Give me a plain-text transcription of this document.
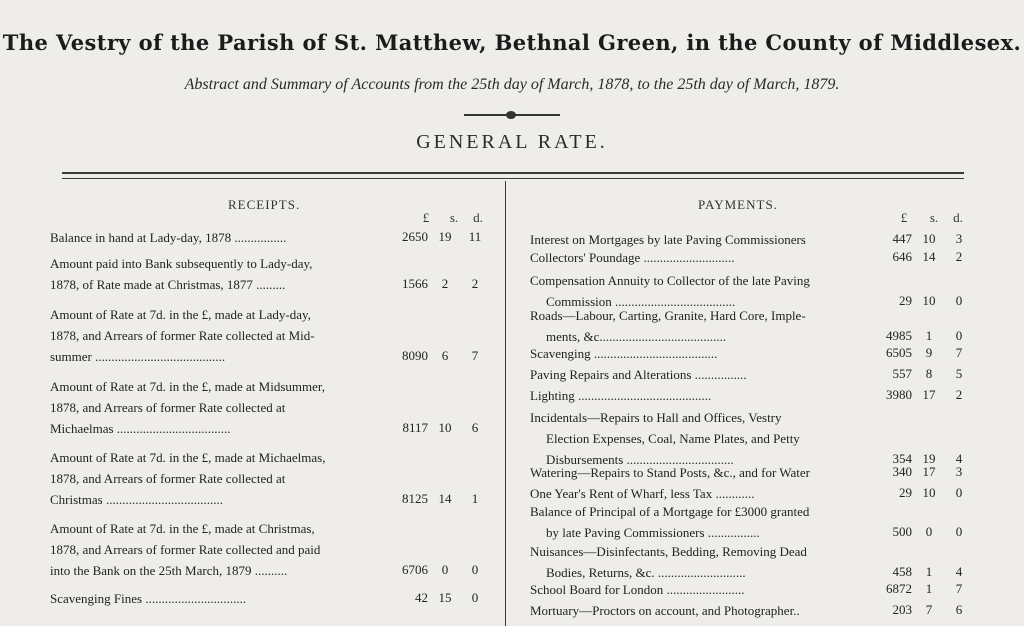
The Vestry of the Parish of St. Matthew, Bethnal Green, in the County of Middlesex.
Abstract and Summary of Accounts from the 25th day of March, 1878, to the 25th day of March, 1879.
GENERAL RATE.
RECEIPTS.
£	s.	d.
PAYMENTS.
£	s.	d.
Balance in hand at Lady-day, 1878 ................	2650 19	11
Amount paid into Bank subsequently to Lady-day,
1878, of Rate made at Christmas, 1877 .........	1566	2	2
Amount of Rate at 7d. in the £, made at Lady-day,
1878, and Arrears of former Rate collected at Mid-
summer ........................................	8090	6	7
Amount of Rate at 7d. in the £, made at Midsummer,
1878, and Arrears of former Rate collected at
Michaelmas ...................................	8117 10	6
Amount of Rate at 7d. in the £, made at Michaelmas,
1878, and Arrears of former Rate collected at
Christmas ....................................	8125 14	1
Amount of Rate at 7d. in the £, made at Christmas,
1878, and Arrears of former Rate collected and paid
into the Bank on the 25th March, 1879 ..........	6706	0	0
Scavenging Fines ...............................	42 15	0
Interest on Mortgages by late Paving Commissioners	447 10	3
Collectors' Poundage ............................	646 14	2
Compensation Annuity to Collector of the late Paving
Commission .....................................	29 10	0
Roads—Labour, Carting, Granite, Hard Core, Imple-
ments, &c.......................................	4985	1	0
Scavenging ......................................	6505	9	7
Paving Repairs and Alterations ................	557	8	5
Lighting .........................................	3980 17	2
Incidentals—Repairs to Hall and Offices, Vestry
Election Expenses, Coal, Name Plates, and Petty
Disbursements .................................	354 19	4
Watering—Repairs to Stand Posts, &c., and for Water	340 17	3
One Year's Rent of Wharf, less Tax ............	29 10	0
Balance of Principal of a Mortgage for £3000 granted
by late Paving Commissioners ................	500	0	0
Nuisances—Disinfectants, Bedding, Removing Dead
Bodies, Returns, &c. ...........................	458	1	4
School Board for London ........................	6872	1	7
Mortuary—Proctors on account, and Photographer..	203	7	6
